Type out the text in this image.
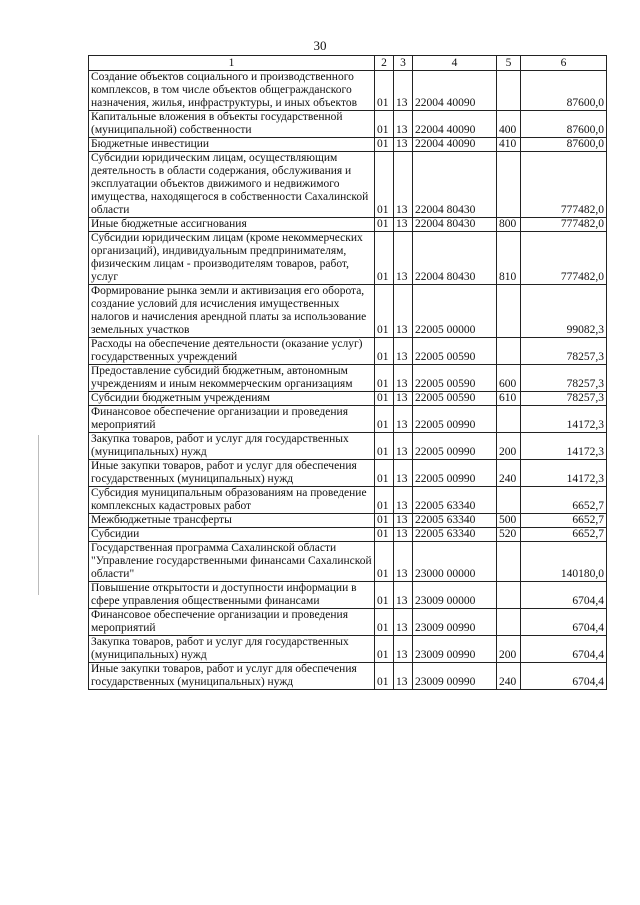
30
1	2	3	4	5	6
Создание объектов социального и производственного комплексов, в том числе объектов общегражданского назначения, жилья, инфраструктуры, и иных объектов	01	13	22004 40090		87600,0
Капитальные вложения в объекты государственной (муниципальной) собственности	01	13	22004 40090	400	87600,0
Бюджетные инвестиции	01	13	22004 40090	410	87600,0
Субсидии юридическим лицам, осуществляющим деятельность в области содержания, обслуживания и эксплуатации объектов движимого и недвижимого имущества, находящегося в собственности Сахалинской области	01	13	22004 80430		777482,0
Иные бюджетные ассигнования	01	13	22004 80430	800	777482,0
Субсидии юридическим лицам (кроме некоммерческих организаций), индивидуальным предпринимателям, физическим лицам - производителям товаров, работ, услуг	01	13	22004 80430	810	777482,0
Формирование рынка земли и активизация его оборота, создание условий для исчисления имущественных налогов и начисления арендной платы за использование земельных участков	01	13	22005 00000		99082,3
Расходы на обеспечение деятельности (оказание услуг) государственных учреждений	01	13	22005 00590		78257,3
Предоставление субсидий бюджетным, автономным учреждениям и иным некоммерческим организациям	01	13	22005 00590	600	78257,3
Субсидии бюджетным учреждениям	01	13	22005 00590	610	78257,3
Финансовое обеспечение организации и проведения мероприятий	01	13	22005 00990		14172,3
Закупка товаров, работ и услуг для государственных (муниципальных) нужд	01	13	22005 00990	200	14172,3
Иные закупки товаров, работ и услуг для обеспечения государственных (муниципальных) нужд	01	13	22005 00990	240	14172,3
Субсидия муниципальным образованиям на проведение комплексных кадастровых работ	01	13	22005 63340		6652,7
Межбюджетные трансферты	01	13	22005 63340	500	6652,7
Субсидии	01	13	22005 63340	520	6652,7
Государственная программа Сахалинской области "Управление государственными финансами Сахалинской области"	01	13	23000 00000		140180,0
Повышение открытости и доступности информации в сфере управления общественными финансами	01	13	23009 00000		6704,4
Финансовое обеспечение организации и проведения мероприятий	01	13	23009 00990		6704,4
Закупка товаров, работ и услуг для государственных (муниципальных) нужд	01	13	23009 00990	200	6704,4
Иные закупки товаров, работ и услуг для обеспечения государственных (муниципальных) нужд	01	13	23009 00990	240	6704,4
